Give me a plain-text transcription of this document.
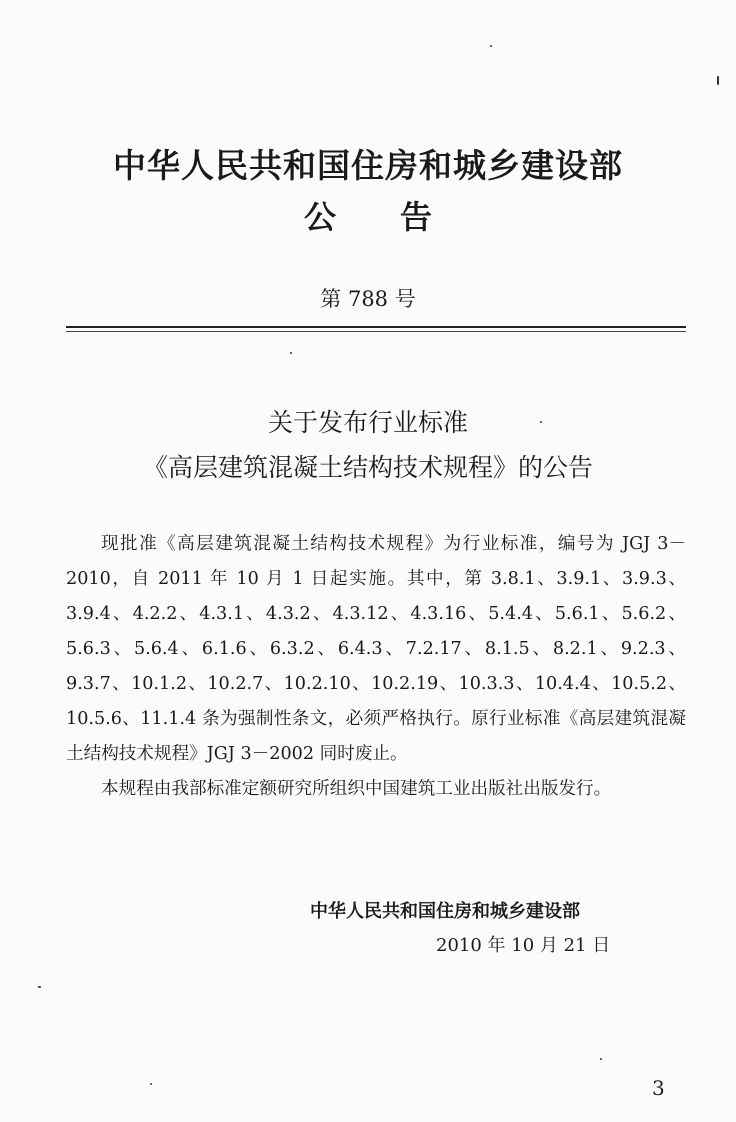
中华人民共和国住房和城乡建设部
公告
第 788 号
关于发布行业标准
《高层建筑混凝土结构技术规程》的公告

现批准《高层建筑混凝土结构技术规程》为行业标准，编号为 JGJ 3－2010，自 2011 年 10 月 1 日起实施。其中，第 3.8.1、3.9.1、3.9.3、3.9.4、4.2.2、4.3.1、4.3.2、4.3.12、4.3.16、5.4.4、5.6.1、5.6.2、5.6.3、5.6.4、6.1.6、6.3.2、6.4.3、7.2.17、8.1.5、8.2.1、9.2.3、9.3.7、10.1.2、10.2.7、10.2.10、10.2.19、10.3.3、10.4.4、10.5.2、10.5.6、11.1.4 条为强制性条文，必须严格执行。原行业标准《高层建筑混凝土结构技术规程》JGJ 3－2002 同时废止。

本规程由我部标准定额研究所组织中国建筑工业出版社出版发行。

中华人民共和国住房和城乡建设部
2010 年 10 月 21 日
3
